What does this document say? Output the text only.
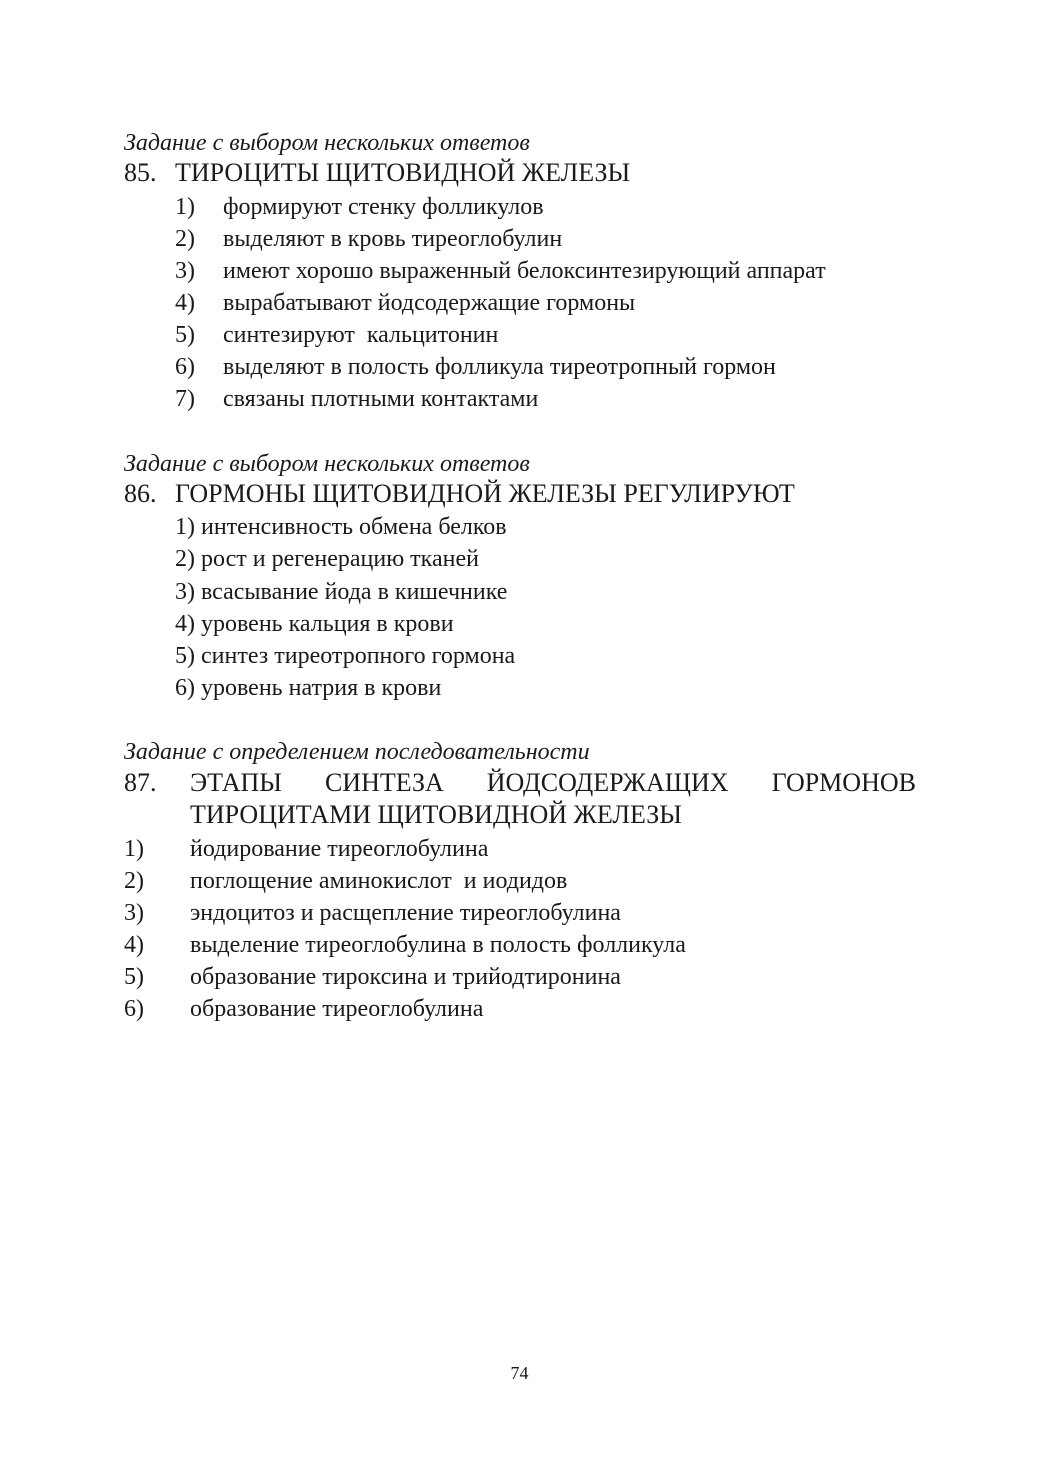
Задание с выбором нескольких ответов
85. ТИРОЦИТЫ ЩИТОВИДНОЙ ЖЕЛЕЗЫ
1) формируют стенку фолликулов
2) выделяют в кровь тиреоглобулин
3) имеют хорошо выраженный белоксинтезирующий аппарат
4) вырабатывают йодсодержащие гормоны
5) синтезируют  кальцитонин
6) выделяют в полость фолликула тиреотропный гормон
7) связаны плотными контактами
Задание с выбором нескольких ответов
86. ГОРМОНЫ ЩИТОВИДНОЙ ЖЕЛЕЗЫ РЕГУЛИРУЮТ
1) интенсивность обмена белков
2) рост и регенерацию тканей
3) всасывание йода в кишечнике
4) уровень кальция в крови
5) синтез тиреотропного гормона
6) уровень натрия в крови
Задание с определением последовательности
87. ЭТАПЫ СИНТЕЗА ЙОДСОДЕРЖАЩИХ ГОРМОНОВ
ТИРОЦИТАМИ ЩИТОВИДНОЙ ЖЕЛЕЗЫ
1) йодирование тиреоглобулина
2) поглощение аминокислот  и иодидов
3) эндоцитоз и расщепление тиреоглобулина
4) выделение тиреоглобулина в полость фолликула
5) образование тироксина и трийодтиронина
6) образование тиреоглобулина
74
